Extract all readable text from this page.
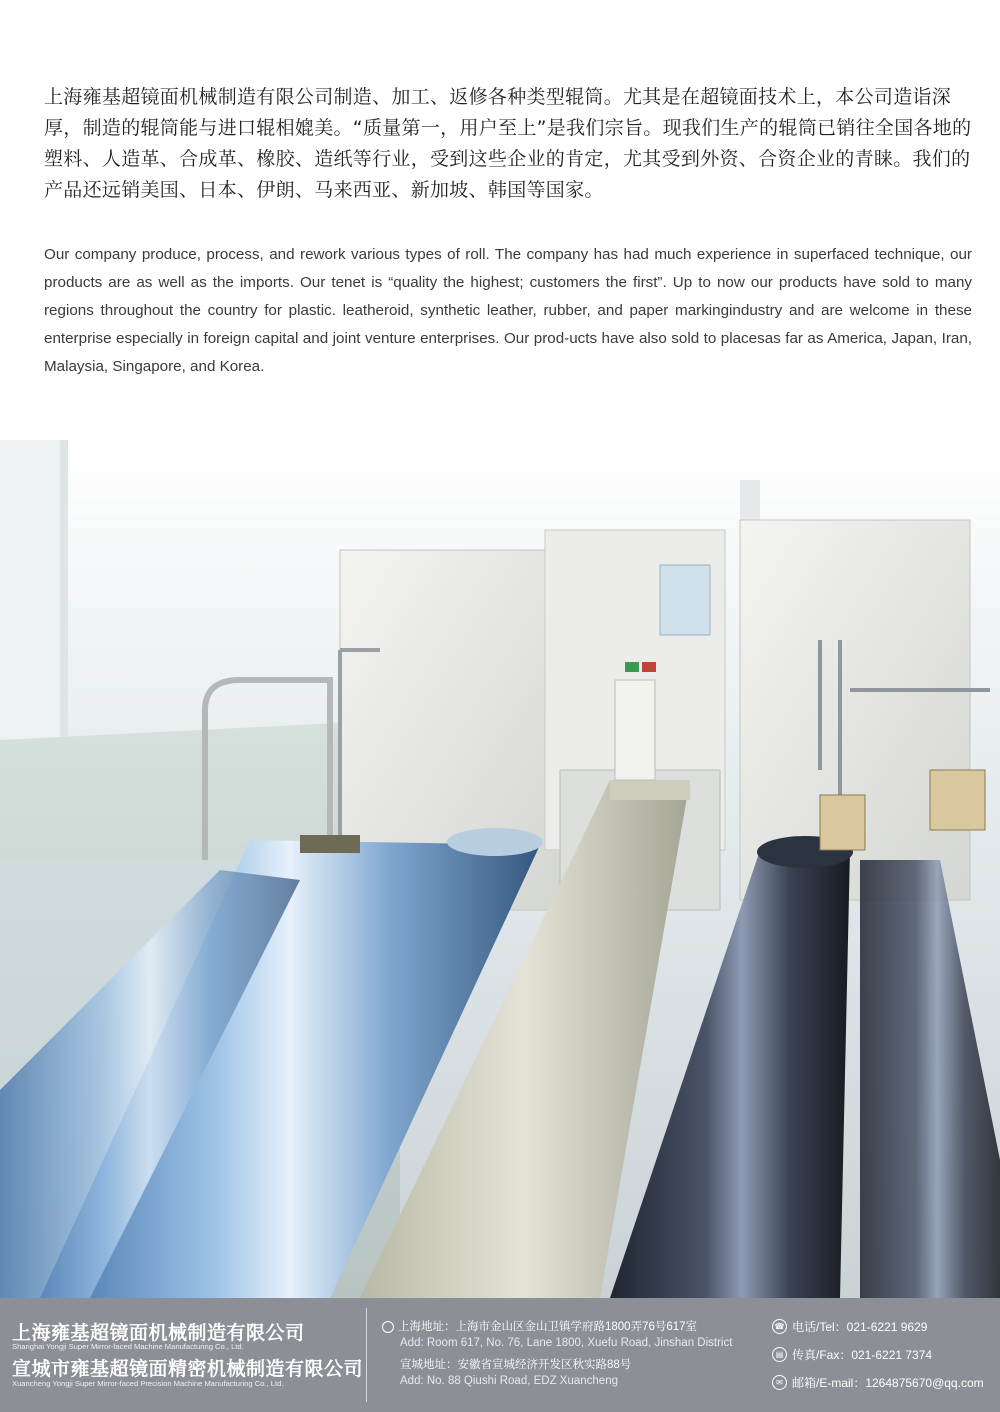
上海雍基超镜面机械制造有限公司制造、加工、返修各种类型辊筒。尤其是在超镜面技术上，本公司造诣深厚，制造的辊筒能与进口辊相媲美。“质量第一，用户至上”是我们宗旨。现我们生产的辊筒已销往全国各地的塑料、人造革、合成革、橡胶、造纸等行业，受到这些企业的肯定，尤其受到外资、合资企业的青睐。我们的产品还远销美国、日本、伊朗、马来西亚、新加坡、韩国等国家。

Our company produce, process, and rework various types of roll. The company has had much experience in superfaced technique, our products are as well as the imports. Our tenet is “quality the highest; customers the first”. Up to now our products have sold to many regions throughout the country for plastic. leatheroid, synthetic leather, rubber, and paper markingindustry and are welcome in these enterprise especially in foreign capital and joint venture enterprises. Our prod-ucts have also sold to placesas far as America, Japan, Iran, Malaysia, Singapore, and Korea.

上海雍基超镜面机械制造有限公司
Shanghai Yongji Super Mirror-faced Machine Manufacturing Co., Ltd.
宣城市雍基超镜面精密机械制造有限公司
Xuancheng Yongji Super Mirror-faced Precision Machine Manufacturing Co., Ltd.
上海地址：上海市金山区金山卫镇学府路1800弄76号617室
Add: Room 617, No. 76, Lane 1800, Xuefu Road, Jinshan District
宣城地址：安徽省宣城经济开发区秋实路88号
Add: No. 88 Qiushi Road, EDZ Xuancheng
☎ 电话/Tel：021-6221 9629
▤ 传真/Fax：021-6221 7374
✉ 邮箱/E-mail：1264875670@qq.com
